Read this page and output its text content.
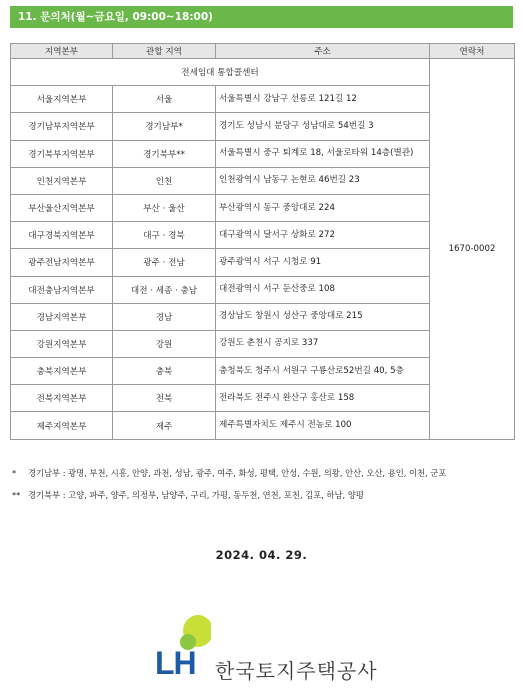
11. 문의처(월~금요일, 09:00~18:00)
지역본부	관할 지역	주소	연락처
전세임대 통합콜센터			1670-0002
서울지역본부	서울	서울특별시 강남구 선릉로 121길 12	
경기남부지역본부	경기남부*	경기도 성남시 분당구 성남대로 54번길 3	
경기북부지역본부	경기북부**	서울특별시 중구 퇴계로 18, 서울로타워 14층(별관)	
인천지역본부	인천	인천광역시 남동구 논현로 46번길 23	
부산울산지역본부	부산 · 울산	부산광역시 동구 중앙대로 224	
대구경북지역본부	대구 · 경북	대구광역시 달서구 상화로 272	
광주전남지역본부	광주 · 전남	광주광역시 서구 시청로 91	
대전충남지역본부	대전 · 세종 · 충남	대전광역시 서구 둔산중로 108	
경남지역본부	경남	경상남도 창원시 성산구 중앙대로 215	
강원지역본부	강원	강원도 춘천시 공지로 337	
충북지역본부	충북	충청북도 청주시 서원구 구룡산로52번길 40, 5층	
전북지역본부	전북	전라북도 전주시 완산구 홍산로 158	
제주지역본부	제주	제주특별자치도 제주시 전농로 100	
* 경기남부 : 광명, 부천, 시흥, 안양, 과천, 성남, 광주, 여주, 화성, 평택, 안성, 수원, 의왕, 안산, 오산, 용인, 이천, 군포
** 경기북부 : 고양, 파주, 양주, 의정부, 남양주, 구리, 가평, 동두천, 연천, 포천, 김포, 하남, 양평
2024. 04. 29.
LH 한국토지주택공사
